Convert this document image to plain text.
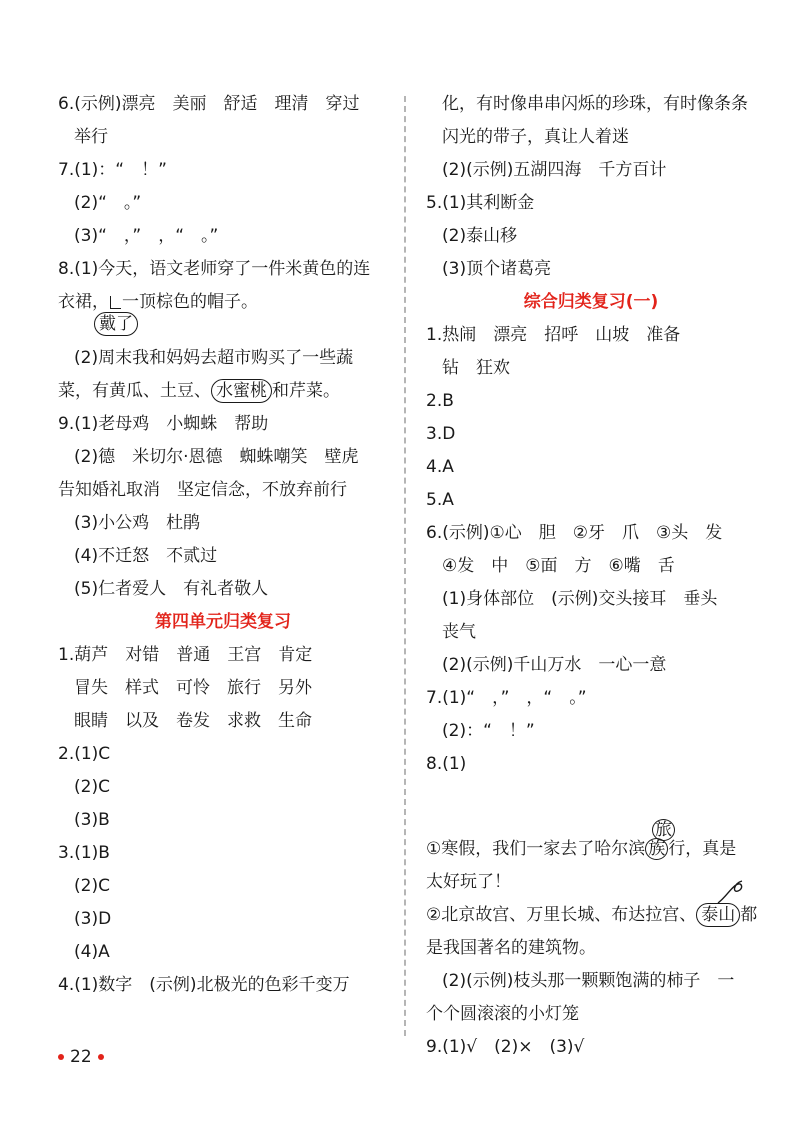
6.(示例)漂亮　美丽　舒适　理清　穿过
举行
7.(1)：“　！”
(2)“　。”
(3)“　，”　，“　。”
8.(1)今天，语文老师穿了一件米黄色的连
衣裙， 一顶棕色的帽子。
戴了
(2)周末我和妈妈去超市购买了一些蔬
菜，有黄瓜、土豆、 水蜜桃 和芹菜。
9.(1)老母鸡　小蜘蛛　帮助
(2)德　米切尔·恩德　蜘蛛嘲笑　壁虎
告知婚礼取消　坚定信念，不放弃前行
(3)小公鸡　杜鹃
(4)不迁怒　不贰过
(5)仁者爱人　有礼者敬人
第四单元归类复习
1.葫芦　对错　普通　王宫　肯定
冒失　样式　可怜　旅行　另外
眼睛　以及　卷发　求救　生命
2.(1)C
(2)C
(3)B
3.(1)B
(2)C
(3)D
(4)A
4.(1)数字　(示例)北极光的色彩千变万
化，有时像串串闪烁的珍珠，有时像条条
闪光的带子，真让人着迷
(2)(示例)五湖四海　千方百计
5.(1)其利断金
(2)泰山移
(3)顶个诸葛亮
综合归类复习(一)
1.热闹　漂亮　招呼　山坡　准备
钻　狂欢
2.B
3.D
4.A
5.A
6.(示例)①心　胆　②牙　爪　③头　发
④发　中　⑤面　方　⑥嘴　舌
(1)身体部位　(示例)交头接耳　垂头
丧气
(2)(示例)千山万水　一心一意
7.(1)“　，”　，“　。”
(2)：“　！”
8.(1)
①寒假，我们一家去了哈尔滨 族 行，真是
旅
太好玩了！
②北京故宫、万里长城、布达拉宫、 泰山 都
是我国著名的建筑物。
(2)(示例)枝头那一颗颗饱满的柿子　一
个个圆滚滚的小灯笼
9.(1)√　(2)×　(3)√
22
